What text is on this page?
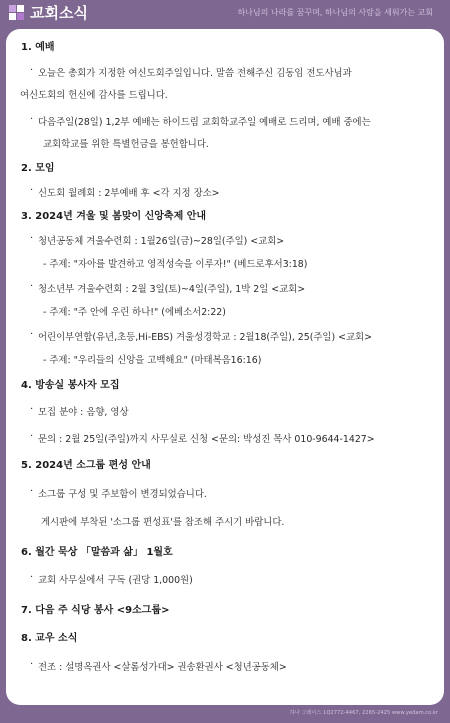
교회소식	하나님의 나라를 꿈꾸며, 하나님의 사람을 세워가는 교회
1. 예배
· 오늘은 총회가 지정한 여신도회주일입니다. 말씀 전해주신 김동임 전도사님과
여신도회의 헌신에 감사를 드립니다.
· 다음주일(28일) 1,2부 예배는 하이드림 교회학교주일 예배로 드리며, 예배 중에는
교회학교를 위한 특별헌금을 봉헌합니다.
2. 모임
· 신도회 월례회 : 2부예배 후 <각 지정 장소>
3. 2024년 겨울 및 봄맞이 신앙축제 안내
· 청년공동체 겨울수련회 : 1월26일(금)~28일(주일) <교회>
- 주제: "자아를 발견하고 영적성숙을 이루자!" (베드로후서3:18)
· 청소년부 겨울수련회 : 2월 3일(토)~4일(주일), 1박 2일 <교회>
- 주제: "주 안에 우린 하나!" (에베소서2:22)
· 어린이부연합(유년,초등,Hi-EBS) 겨울성경학교 : 2월18(주일), 25(주일) <교회>
- 주제: "우리들의 신앙을 고백해요" (마태복음16:16)
4. 방송실 봉사자 모집
· 모집 분야 : 음향, 영상
· 문의 : 2월 25일(주일)까지 사무실로 신청 <문의: 박성진 목사 010-9644-1427>
5. 2024년 소그룹 편성 안내
· 소그룹 구성 및 주보함이 변경되었습니다.
게시판에 부착된 '소그룹 편성표'를 참조해 주시기 바랍니다.
6. 월간 묵상 「말씀과 삶」 1월호
· 교회 사무실에서 구독 (권당 1,000원)
7. 다음 주 식당 봉사 <9소그룹>
8. 교우 소식
· 전조 : 설명옥권사 <살롬성가대> 권송환권사 <청년공동체>
하나 그레이스 1Q2772-4467, 2265-2425 www.yedam.co.kr
